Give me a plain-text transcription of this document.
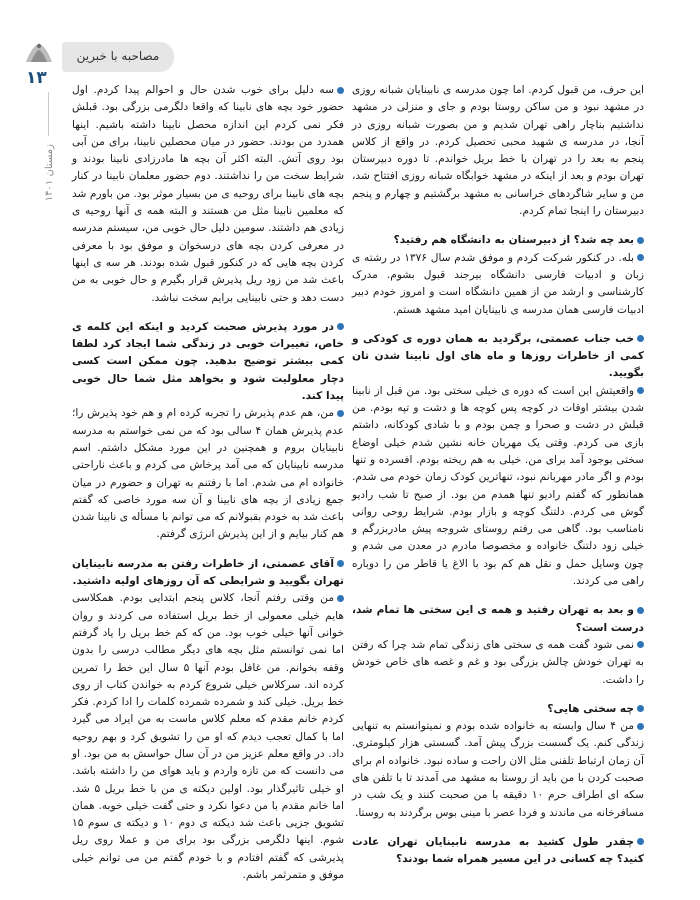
مصاحبه با خبرین
۱۳
زمستان ۱۴۰۱

این حرف، من قبول کردم. اما چون مدرسه ی نابینایان شبانه روزی در مشهد نبود و من ساکن روستا بودم و جای و منزلی در مشهد نداشتیم بناچار راهی تهران شدیم و من بصورت شبانه روزی در آنجا، در مدرسه ی شهید محبی تحصیل کردم. در واقع از کلاس پنجم به بعد را در تهران با خط بریل خواندم. تا دوره دبیرستان تهران بودم و بعد از اینکه در مشهد خوابگاه شبانه روزی افتتاح شد، من و سایر شاگردهای خراسانی به مشهد برگشتیم و چهارم و پنجم دبیرستان را اینجا تمام کردم.

بعد چه شد؟ از دبیرستان به دانشگاه هم رفتید؟
بله. در کنکور شرکت کردم و موفق شدم سال ۱۳۷۶ در رشته ی زبان و ادبیات فارسی دانشگاه بیرجند قبول بشوم. مدرک کارشناسی و ارشد من از همین دانشگاه است و امروز خودم دبیر ادبیات فارسی همان مدرسه ی نابینایان امید مشهد هستم.

خب جناب عصمتی، برگردید به همان دوره ی کودکی و کمی از خاطرات روزها و ماه های اول نابینا شدن تان بگویید.
واقعیتش این است که دوره ی خیلی سختی بود. من قبل از نابینا شدن بیشتر اوقات در کوچه پس کوچه ها و دشت و تپه بودم. من قبلش در دشت و صحرا و چمن بودم و با شادی کودکانه، داشتم بازی می کردم. وقتی یک مهربان خانه نشین شدم خیلی اوضاع سختی بوجود آمد برای من. خیلی به هم ریخته بودم. افسرده و تنها بودم و اگر مادر مهربانم نبود، تنهاترین کودک زمان خودم می شدم. همانطور که گفتم راديو تنها همدم من بود. از صبح تا شب راديو گوش می کردم. دلتنگ کوچه و بازار بودم. شرایط روحی روانی نامناسب بود. گاهی می رفتم روستای شروجه پیش مادربزرگم و خیلی زود دلتنگ خانواده و مخصوصا مادرم در معدن می شدم و چون وسایل حمل و نقل هم کم بود با الاغ یا قاطر من را دوباره راهی می کردند.

و بعد به تهران رفتید و همه ی این سختی ها تمام شد، درست است؟
نمی شود گفت همه ی سختی های زندگی تمام شد چرا که رفتن به تهران خودش چالش بزرگی بود و غم و غصه های خاص خودش را داشت.

چه سختی هایی؟
من ۴ سال وابسته به خانواده شده بودم و نمیتوانستم به تنهایی زندگی کنم. یک گسست بزرگ پیش آمد. گسستی هزار کیلومتری. آن زمان ارتباط تلفنی مثل الان راحت و ساده نبود. خانواده ام برای صحبت کردن با من باید از روستا به مشهد می آمدند تا با تلفن های سکه ای اطراف حرم ۱۰ دقیقه با من صحبت کنند و یک شب در مسافرخانه می ماندند و فردا عصر با مینی بوس برگردند به روستا.

چقدر طول کشید به مدرسه نابینایان تهران عادت کنید؟ چه کسانی در این مسیر همراه شما بودند؟

سه دلیل برای خوب شدن حال و احوالم پیدا کردم. اول حضور خود بچه های نابینا که واقعا دلگرمی بزرگی بود. قبلش فکر نمی کردم این اندازه محصل نابینا داشته باشیم. اینها همدرد من بودند. حضور در میان محصلین نابینا، برای من آبی بود روی آتش. البته اکثر آن بچه ها مادرزادی نابینا بودند و شرایط سخت من را نداشتند. دوم حضور معلمان نابینا در کنار بچه های نابینا برای روحیه ی من بسیار موثر بود. من باورم شد که معلمین نابینا مثل من هستند و البته همه ی آنها روحیه ی زیادی هم داشتند. سومین دلیل حال خوبی من، سیستم مدرسه در معرفی کردن بچه های درسخوان و موفق بود با معرفی کردن بچه هایی که در کنکور قبول شده بودند. هر سه ی اینها باعث شد من زود ریل پذیرش قرار بگیرم و حال خوبی به من دست دهد و حتی نابینایی برایم سخت نباشد.

در مورد پذیرش صحبت کردید و اینکه این کلمه ی خاص، تغییرات خوبی در زندگی شما ایجاد کرد لطفا کمی بیشتر توضیح بدهید. چون ممکن است کسی دچار معلولیت شود و بخواهد مثل شما حال خوبی پیدا کند.
من، هم عدم پذیرش را تجربه کرده ام و هم خود پذیرش را؛ عدم پذیرش همان ۴ سالی بود که من نمی خواستم به مدرسه نابینایان بروم و همچنین در این مورد مشکل داشتم. اسم مدرسه نابینایان که می آمد پرخاش می کردم و باعث ناراحتی خانواده ام می شدم. اما با رفتنم به تهران و حضورم در میان جمع زیادی از بچه های نابینا و آن سه مورد خاصی که گفتم باعث شد به خودم بقبولانم که می توانم با مسأله ی نابینا شدن هم کنار بیایم و از این پذیرش انرژی گرفتم.

آقای عصمتی، از خاطرات رفتن به مدرسه نابینایان تهران بگویید و شرایطی که آن روزهای اولیه داشتید.
من وقتی رفتم آنجا، کلاس پنجم ابتدایی بودم. همکلاسی هایم خیلی معمولی از خط بریل استفاده می کردند و روان خوانی آنها خیلی خوب بود. من که کم خط بریل را یاد گرفتم اما نمی توانستم مثل بچه های دیگر مطالب درسی را بدون وقفه بخوانم. من غافل بودم آنها ۵ سال این خط را تمرین کرده اند. سرکلاس خیلی شروع کردم به خواندن کتاب از روی خط بریل. خیلی کند و شمرده شمرده کلمات را ادا کردم. فکر کردم خانم مقدم که معلم کلاس ماست به من ایراد می گیرد اما با کمال تعجب دیدم که او من را تشویق کرد و بهم روحیه داد. در واقع معلم عزیز من در آن سال حواسش به من بود. او می دانست که من تازه واردم و باید هوای من را داشته باشد. او خیلی تاثیرگذار بود. اولین دیکته ی من با خط بریل ۵ شد. اما خانم مقدم با من دعوا نکرد و حتی گفت خیلی خوبه. همان تشویق جزیی باعث شد دیکته ی دوم ۱۰ و دیکته ی سوم ۱۵ شوم. اینها دلگرمی بزرگی بود برای من و عملا روی ریل پذیرشی که گفتم افتادم و با خودم گفتم من می توانم خیلی موفق و متمرثمر باشم.
